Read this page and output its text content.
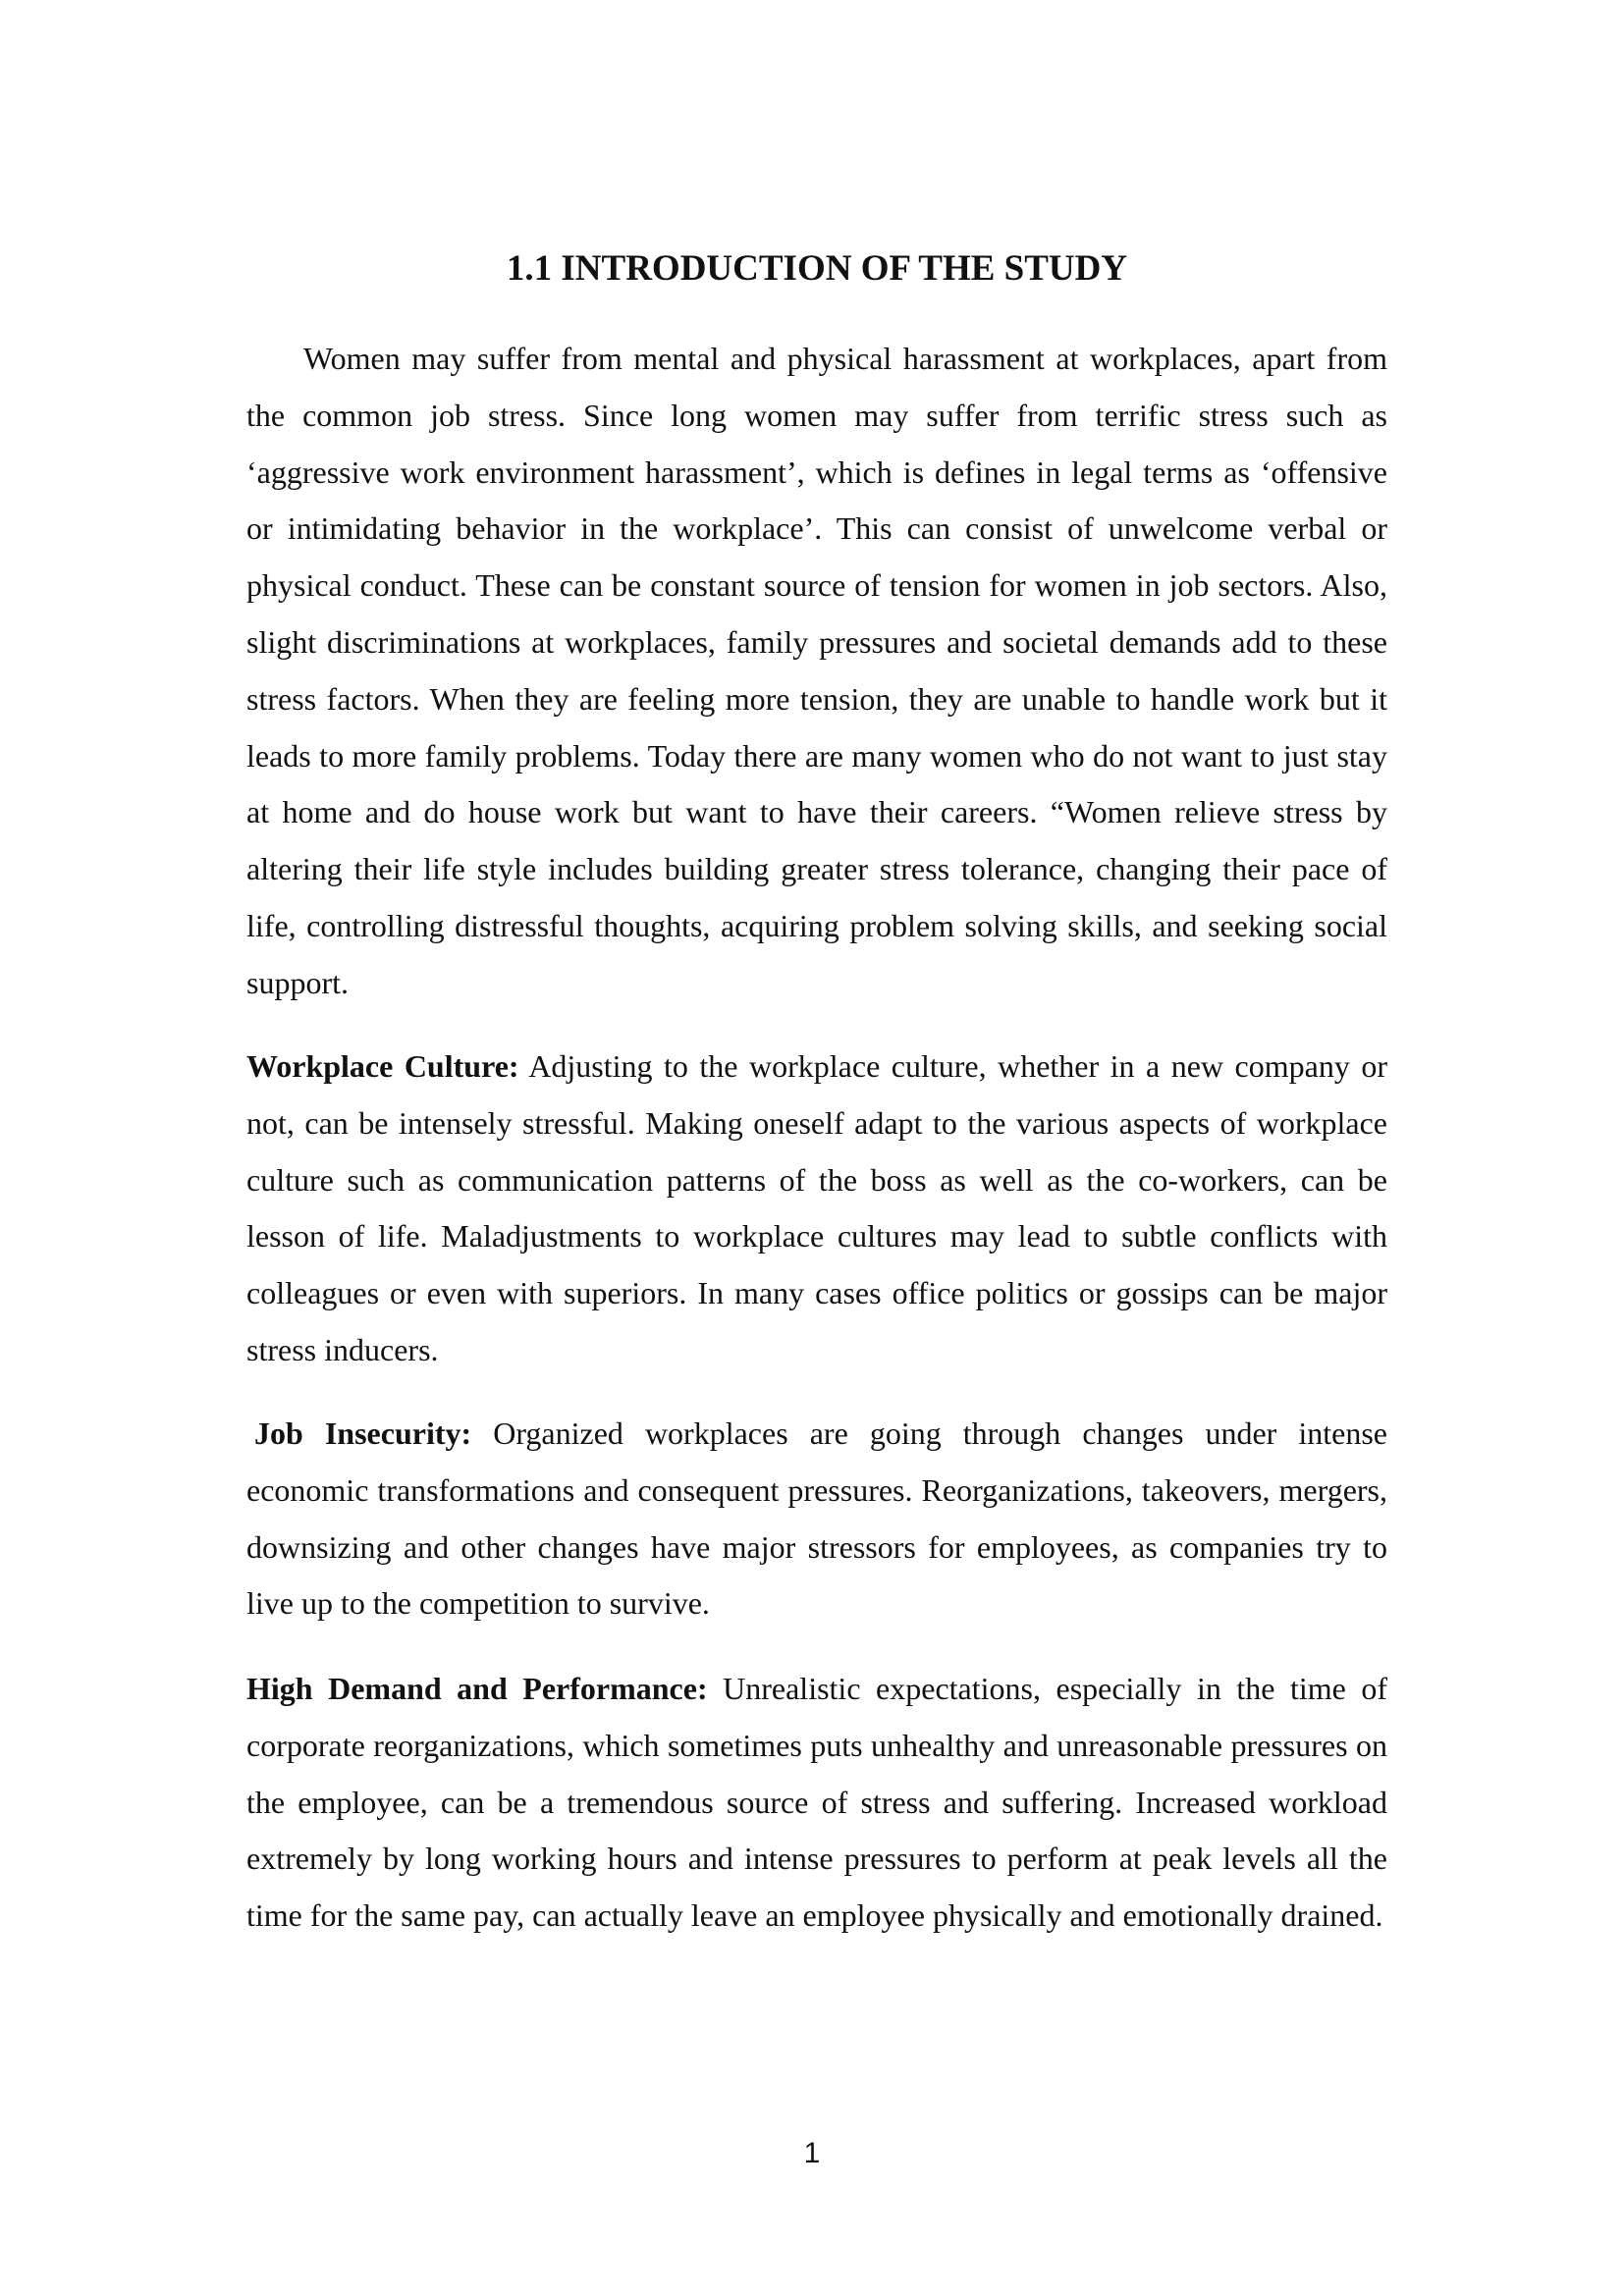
1.1 INTRODUCTION OF THE STUDY

Women may suffer from mental and physical harassment at workplaces, apart from the common job stress. Since long women may suffer from terrific stress such as ‘aggressive work environment harassment’, which is defines in legal terms as ‘offensive or intimidating behavior in the workplace’. This can consist of unwelcome verbal or physical conduct. These can be constant source of tension for women in job sectors. Also, slight discriminations at workplaces, family pressures and societal demands add to these stress factors. When they are feeling more tension, they are unable to handle work but it leads to more family problems. Today there are many women who do not want to just stay at home and do house work but want to have their careers. “Women relieve stress by altering their life style includes building greater stress tolerance, changing their pace of life, controlling distressful thoughts, acquiring problem solving skills, and seeking social support.

Workplace Culture: Adjusting to the workplace culture, whether in a new company or not, can be intensely stressful. Making oneself adapt to the various aspects of workplace culture such as communication patterns of the boss as well as the co-workers, can be lesson of life. Maladjustments to workplace cultures may lead to subtle conflicts with colleagues or even with superiors. In many cases office politics or gossips can be major stress inducers.

Job Insecurity: Organized workplaces are going through changes under intense economic transformations and consequent pressures. Reorganizations, takeovers, mergers, downsizing and other changes have major stressors for employees, as companies try to live up to the competition to survive.

High Demand and Performance: Unrealistic expectations, especially in the time of corporate reorganizations, which sometimes puts unhealthy and unreasonable pressures on the employee, can be a tremendous source of stress and suffering. Increased workload extremely by long working hours and intense pressures to perform at peak levels all the time for the same pay, can actually leave an employee physically and emotionally drained.

1
